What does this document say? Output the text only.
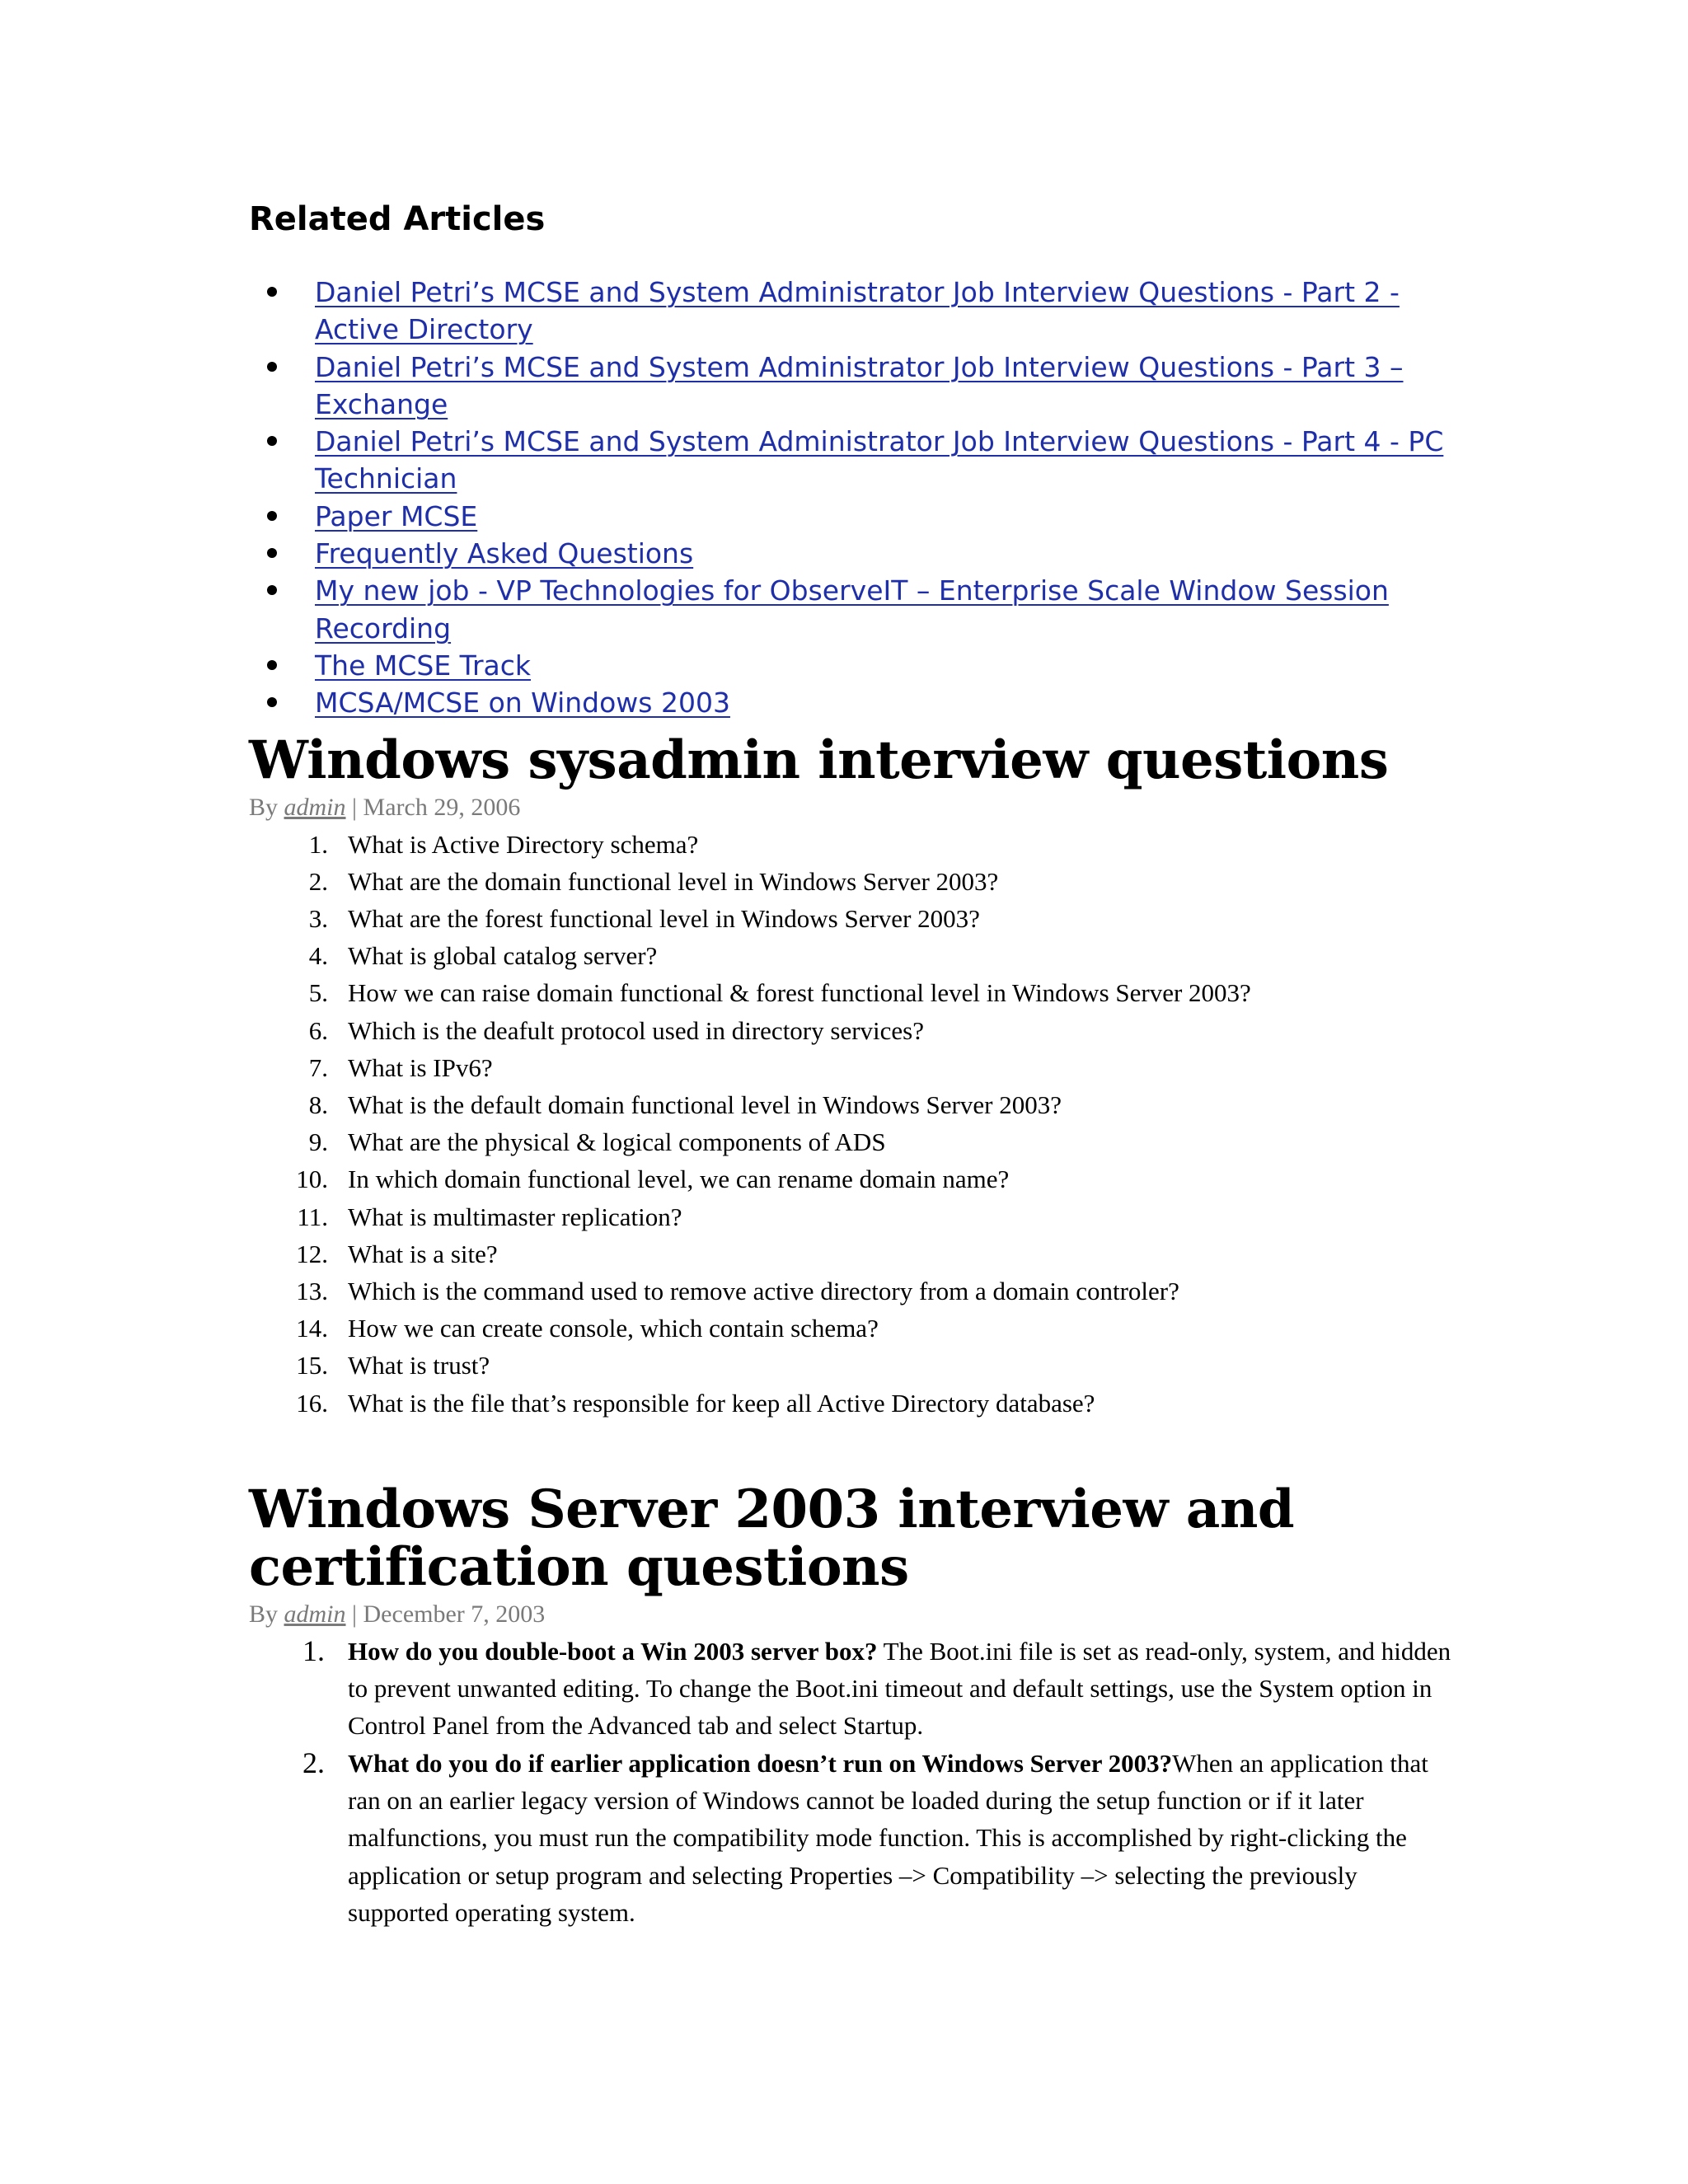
Related Articles
Daniel Petri’s MCSE and System Administrator Job Interview Questions - Part 2 - Active Directory
Daniel Petri’s MCSE and System Administrator Job Interview Questions - Part 3 – Exchange
Daniel Petri’s MCSE and System Administrator Job Interview Questions - Part 4 - PC Technician
Paper MCSE
Frequently Asked Questions
My new job - VP Technologies for ObserveIT – Enterprise Scale Window Session Recording
The MCSE Track
MCSA/MCSE on Windows 2003
Windows sysadmin interview questions
By admin | March 29, 2006
1. What is Active Directory schema?
2. What are the domain functional level in Windows Server 2003?
3. What are the forest functional level in Windows Server 2003?
4. What is global catalog server?
5. How we can raise domain functional & forest functional level in Windows Server 2003?
6. Which is the deafult protocol used in directory services?
7. What is IPv6?
8. What is the default domain functional level in Windows Server 2003?
9. What are the physical & logical components of ADS
10. In which domain functional level, we can rename domain name?
11. What is multimaster replication?
12. What is a site?
13. Which is the command used to remove active directory from a domain controler?
14. How we can create console, which contain schema?
15. What is trust?
16. What is the file that’s responsible for keep all Active Directory database?
Windows Server 2003 interview and certification questions
By admin | December 7, 2003
1. How do you double-boot a Win 2003 server box? The Boot.ini file is set as read-only, system, and hidden to prevent unwanted editing. To change the Boot.ini timeout and default settings, use the System option in Control Panel from the Advanced tab and select Startup.
2. What do you do if earlier application doesn’t run on Windows Server 2003?When an application that ran on an earlier legacy version of Windows cannot be loaded during the setup function or if it later malfunctions, you must run the compatibility mode function. This is accomplished by right-clicking the application or setup program and selecting Properties –> Compatibility –> selecting the previously supported operating system.
